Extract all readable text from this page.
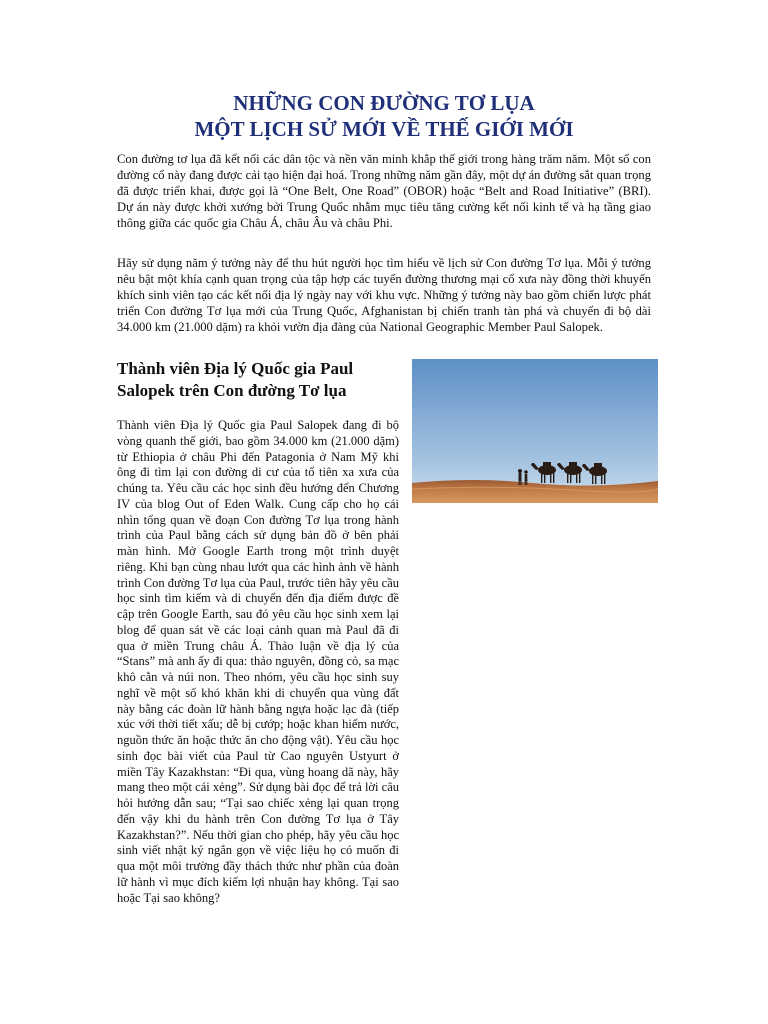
NHỮNG CON ĐƯỜNG TƠ LỤA
MỘT LỊCH SỬ MỚI VỀ THẾ GIỚI MỚI

Con đường tơ lụa đã kết nối các dân tộc và nền văn minh khắp thế giới trong hàng trăm năm. Một số con đường cổ này đang được cải tạo hiện đại hoá. Trong những năm gần đây, một dự án đường sắt quan trọng đã được triển khai, được gọi là “One Belt, One Road” (OBOR) hoặc “Belt and Road Initiative” (BRI). Dự án này được khởi xướng bởi Trung Quốc nhằm mục tiêu tăng cường kết nối kinh tế và hạ tầng giao thông giữa các quốc gia Châu Á, châu Âu và châu Phi.

Hãy sử dụng năm ý tưởng này để thu hút người học tìm hiểu về lịch sử Con đường Tơ lụa. Mỗi ý tưởng nêu bật một khía cạnh quan trọng của tập hợp các tuyến đường thương mại cổ xưa này đồng thời khuyến khích sinh viên tạo các kết nối địa lý ngày nay với khu vực. Những ý tưởng này bao gồm chiến lược phát triển Con đường Tơ lụa mới của Trung Quốc, Afghanistan bị chiến tranh tàn phá và chuyến đi bộ dài 34.000 km (21.000 dặm) ra khỏi vườn địa đàng của National Geographic Member Paul Salopek.

Thành viên Địa lý Quốc gia Paul Salopek trên Con đường Tơ lụa

Thành viên Địa lý Quốc gia Paul Salopek đang đi bộ vòng quanh thế giới, bao gồm 34.000 km (21.000 dặm) từ Ethiopia ở châu Phi đến Patagonia ở Nam Mỹ khi ông đi tìm lại con đường di cư của tổ tiên xa xưa của chúng ta. Yêu cầu các học sinh đều hướng đến Chương IV của blog Out of Eden Walk. Cung cấp cho họ cái nhìn tổng quan về đoạn Con đường Tơ lụa trong hành trình của Paul bằng cách sử dụng bản đồ ở bên phải màn hình. Mở Google Earth trong một trình duyệt riêng. Khi bạn cùng nhau lướt qua các hình ảnh về hành trình Con đường Tơ lụa của Paul, trước tiên hãy yêu cầu học sinh tìm kiếm và di chuyển đến địa điểm được đề cập trên Google Earth, sau đó yêu cầu học sinh xem lại blog để quan sát về các loại cảnh quan mà Paul đã đi qua ở miền Trung châu Á. Thảo luận về địa lý của “Stans” mà anh ấy đi qua: thảo nguyên, đồng cỏ, sa mạc khô cằn và núi non. Theo nhóm, yêu cầu học sinh suy nghĩ về một số khó khăn khi di chuyển qua vùng đất này bằng các đoàn lữ hành bằng ngựa hoặc lạc đà (tiếp xúc với thời tiết xấu; dễ bị cướp; hoặc khan hiếm nước, nguồn thức ăn hoặc thức ăn cho động vật). Yêu cầu học sinh đọc bài viết của Paul từ Cao nguyên Ustyurt ở miền Tây Kazakhstan: “Đi qua, vùng hoang dã này, hãy mang theo một cái xẻng”. Sử dụng bài đọc để trả lời câu hỏi hướng dẫn sau; “Tại sao chiếc xẻng lại quan trọng đến vậy khi du hành trên Con đường Tơ lụa ở Tây Kazakhstan?”. Nếu thời gian cho phép, hãy yêu cầu học sinh viết nhật ký ngắn gọn về việc liệu họ có muốn đi qua một môi trường đầy thách thức như phần của đoàn lữ hành vì mục đích kiếm lợi nhuận hay không. Tại sao hoặc Tại sao không?
